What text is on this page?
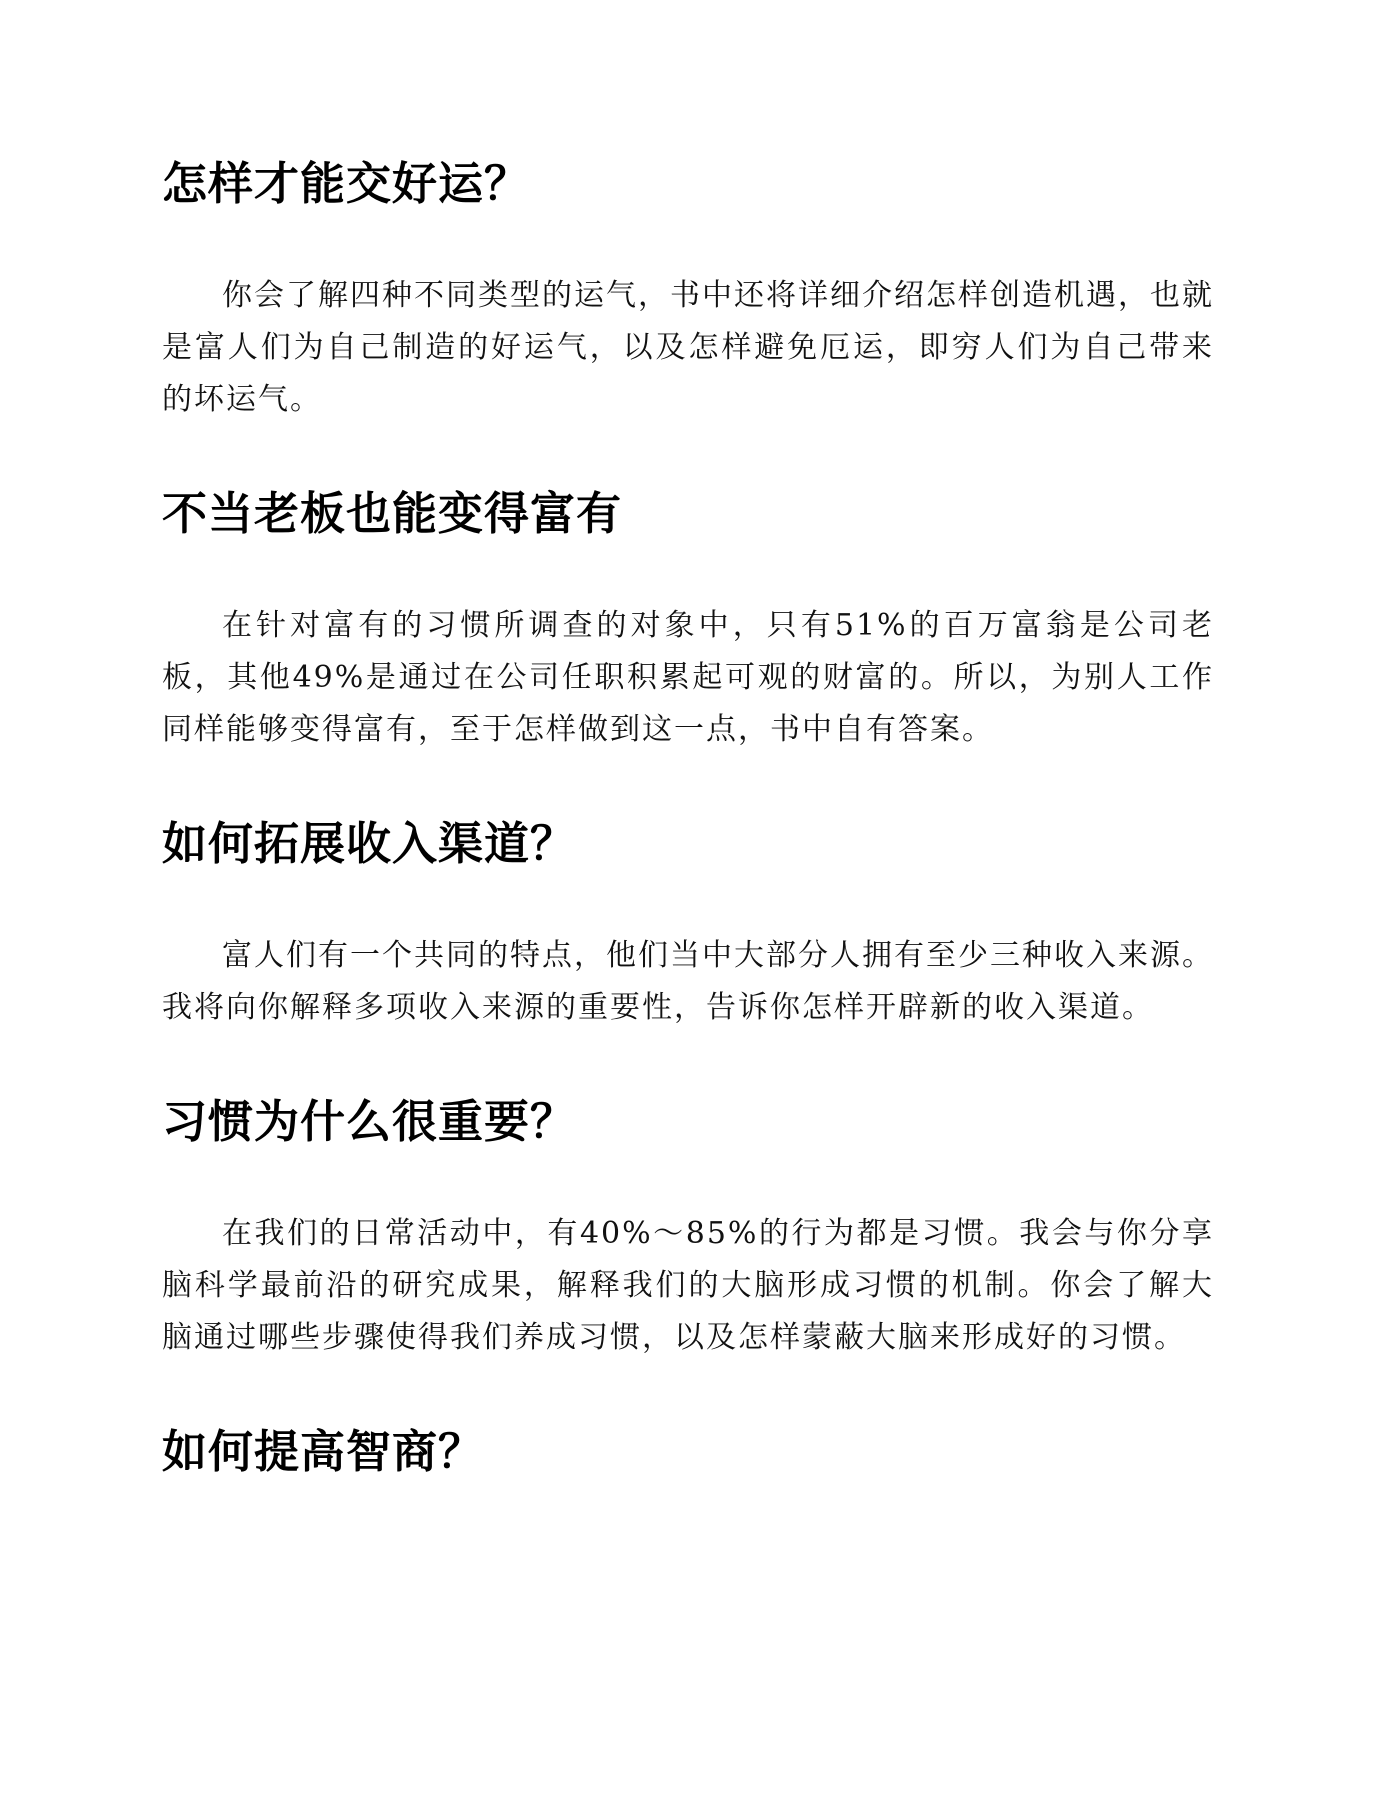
怎样才能交好运？

你会了解四种不同类型的运气，书中还将详细介绍怎样创造机遇，也就是富人们为自己制造的好运气，以及怎样避免厄运，即穷人们为自己带来的坏运气。

不当老板也能变得富有

在针对富有的习惯所调查的对象中，只有51%的百万富翁是公司老板，其他49%是通过在公司任职积累起可观的财富的。所以，为别人工作同样能够变得富有，至于怎样做到这一点，书中自有答案。

如何拓展收入渠道？

富人们有一个共同的特点，他们当中大部分人拥有至少三种收入来源。我将向你解释多项收入来源的重要性，告诉你怎样开辟新的收入渠道。

习惯为什么很重要？

在我们的日常活动中，有40%～85%的行为都是习惯。我会与你分享脑科学最前沿的研究成果，解释我们的大脑形成习惯的机制。你会了解大脑通过哪些步骤使得我们养成习惯，以及怎样蒙蔽大脑来形成好的习惯。

如何提高智商？
